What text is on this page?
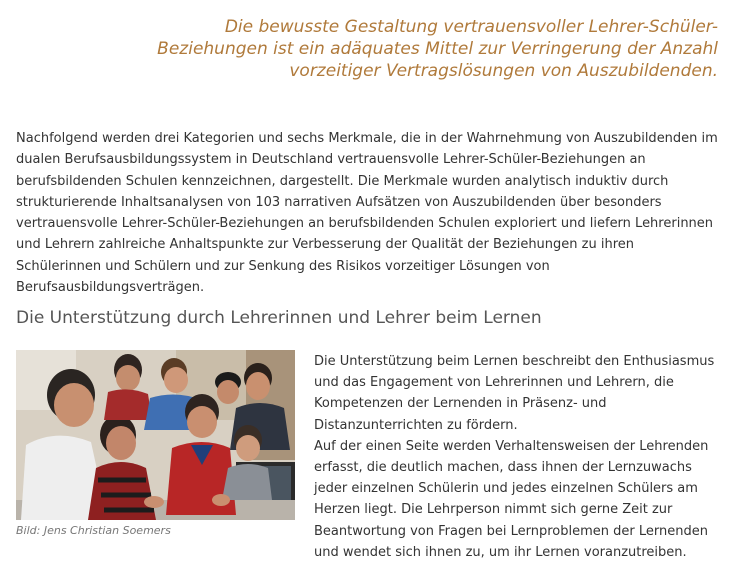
Die bewusste Gestaltung vertrauensvoller Lehrer-Schüler-
Beziehungen ist ein adäquates Mittel zur Verringerung der Anzahl
vorzeitiger Vertragslösungen von Auszubildenden.

Nachfolgend werden drei Kategorien und sechs Merkmale, die in der Wahrnehmung von Auszubildenden im dualen Berufsausbildungssystem in Deutschland vertrauensvolle Lehrer-Schüler-Beziehungen an berufsbildenden Schulen kennzeichnen, dargestellt. Die Merkmale wurden analytisch induktiv durch strukturierende Inhaltsanalysen von 103 narrativen Aufsätzen von Auszubildenden über besonders vertrauensvolle Lehrer-Schüler-Beziehungen an berufsbildenden Schulen exploriert und liefern Lehrerinnen und Lehrern zahlreiche Anhaltspunkte zur Verbesserung der Qualität der Beziehungen zu ihren Schülerinnen und Schülern und zur Senkung des Risikos vorzeitiger Lösungen von Berufsausbildungsverträgen.

Die Unterstützung durch Lehrerinnen und Lehrer beim Lernen
Bild: Jens Christian Soemers

Die Unterstützung beim Lernen beschreibt den Enthusiasmus und das Engagement von Lehrerinnen und Lehrern, die Kompetenzen der Lernenden in Präsenz- und Distanzunterrichten zu fördern.

Auf der einen Seite werden Verhaltensweisen der Lehrenden erfasst, die deutlich machen, dass ihnen der Lernzuwachs jeder einzelnen Schülerin und jedes einzelnen Schülers am Herzen liegt. Die Lehrperson nimmt sich gerne Zeit zur Beantwortung von Fragen bei Lernproblemen der Lernenden und wendet sich ihnen zu, um ihr Lernen voranzutreiben.
